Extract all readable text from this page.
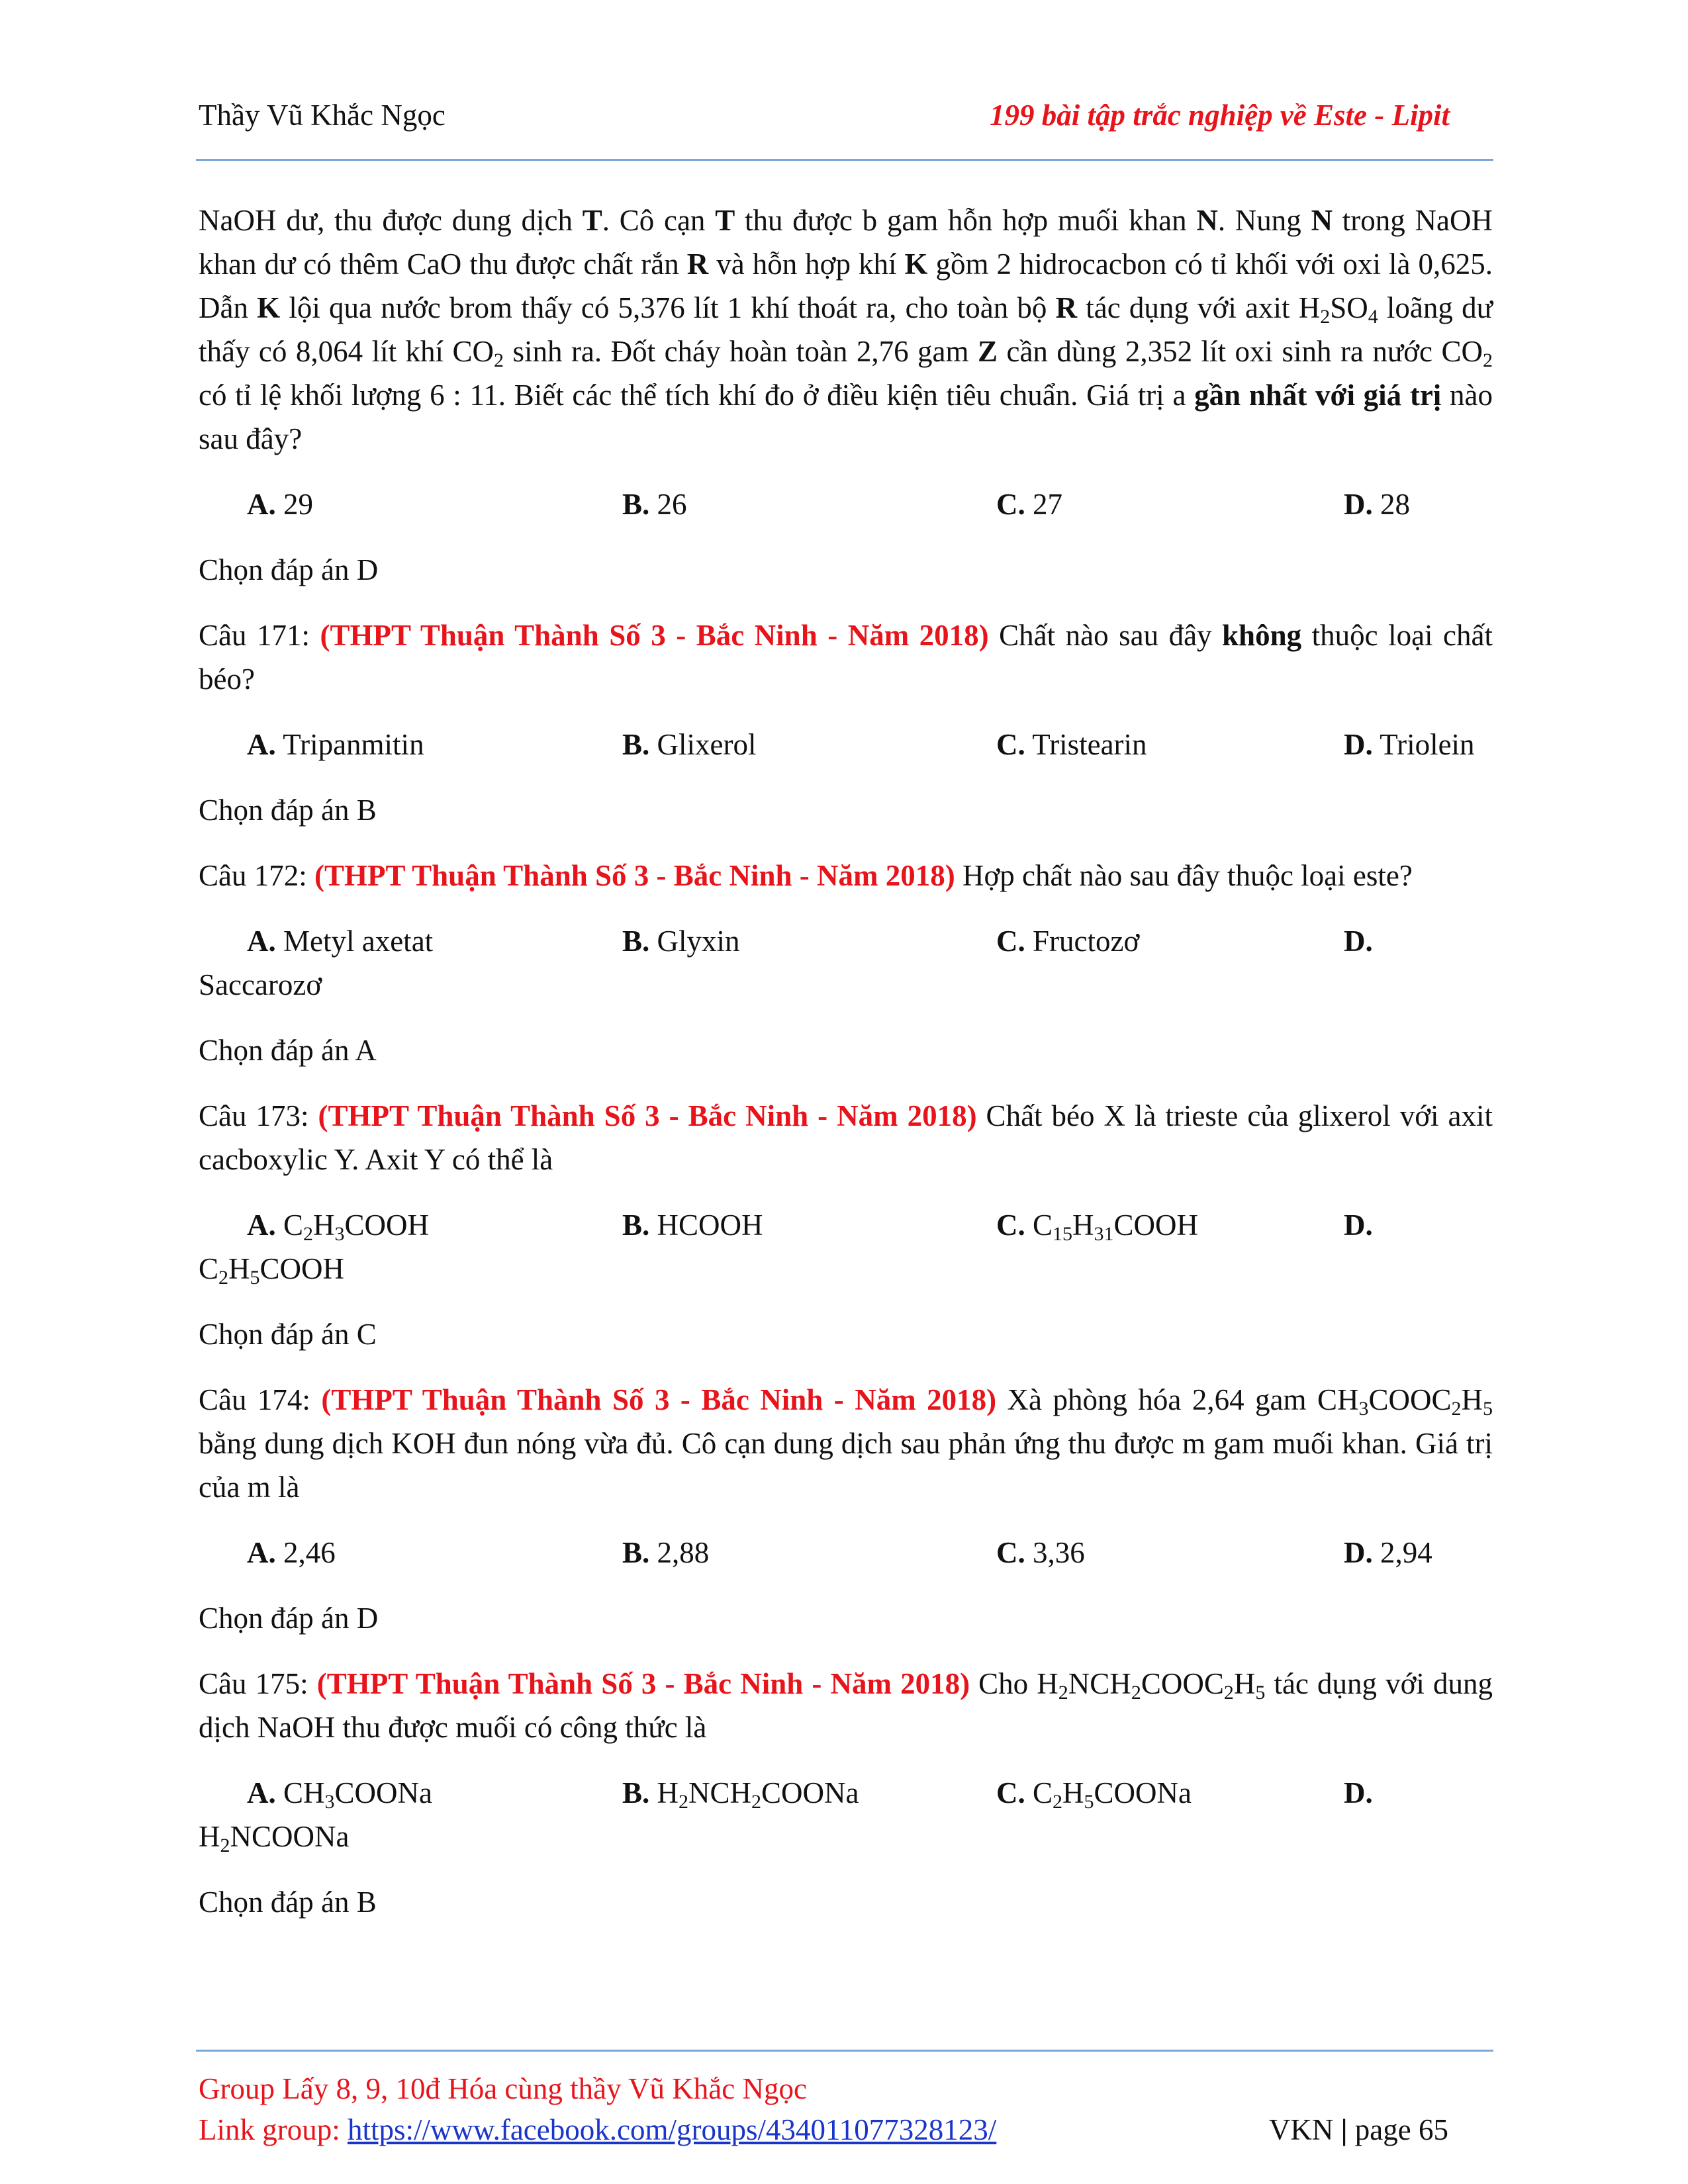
Thầy Vũ Khắc Ngọc	199 bài tập trắc nghiệp về Este - Lipit

NaOH dư, thu được dung dịch T. Cô cạn T thu được b gam hỗn hợp muối khan N. Nung N trong NaOH khan dư có thêm CaO thu được chất rắn R và hỗn hợp khí K gồm 2 hidrocacbon có tỉ khối với oxi là 0,625. Dẫn K lội qua nước brom thấy có 5,376 lít 1 khí thoát ra, cho toàn bộ R tác dụng với axit $H_2SO_4$ loãng dư thấy có 8,064 lít khí $CO_2$ sinh ra. Đốt cháy hoàn toàn 2,76 gam Z cần dùng 2,352 lít oxi sinh ra nước $CO_2$ có tỉ lệ khối lượng 6 : 11. Biết các thể tích khí đo ở điều kiện tiêu chuẩn. Giá trị a gần nhất với giá trị nào sau đây?

A. 29	B. 26	C. 27	D. 28

Chọn đáp án D

Câu 171: (THPT Thuận Thành Số 3 - Bắc Ninh - Năm 2018) Chất nào sau đây không thuộc loại chất béo?

A. Tripanmitin	B. Glixerol	C. Tristearin	D. Triolein

Chọn đáp án B

Câu 172: (THPT Thuận Thành Số 3 - Bắc Ninh - Năm 2018) Hợp chất nào sau đây thuộc loại este?

A. Metyl axetat	B. Glyxin	C. Fructozơ	D.

Saccarozơ

Chọn đáp án A

Câu 173: (THPT Thuận Thành Số 3 - Bắc Ninh - Năm 2018) Chất béo X là trieste của glixerol với axit cacboxylic Y. Axit Y có thể là

A. $C_2H_3COOH$	B. HCOOH	C. $C_{15}H_{31}COOH$	D.

$C_2H_5COOH$

Chọn đáp án C

Câu 174: (THPT Thuận Thành Số 3 - Bắc Ninh - Năm 2018) Xà phòng hóa 2,64 gam $CH_3COOC_2H_5$ bằng dung dịch KOH đun nóng vừa đủ. Cô cạn dung dịch sau phản ứng thu được m gam muối khan. Giá trị của m là

A. 2,46	B. 2,88	C. 3,36	D. 2,94

Chọn đáp án D

Câu 175: (THPT Thuận Thành Số 3 - Bắc Ninh - Năm 2018) Cho $H_2NCH_2COOC_2H_5$ tác dụng với dung dịch NaOH thu được muối có công thức là

A. $CH_3COONa$	B. $H_2NCH_2COONa$	C. $C_2H_5COONa$	D.

$H_2NCOONa$

Chọn đáp án B

Group Lấy 8, 9, 10đ Hóa cùng thầy Vũ Khắc Ngọc
Link group: https://www.facebook.com/groups/434011077328123/	VKN | page 65
